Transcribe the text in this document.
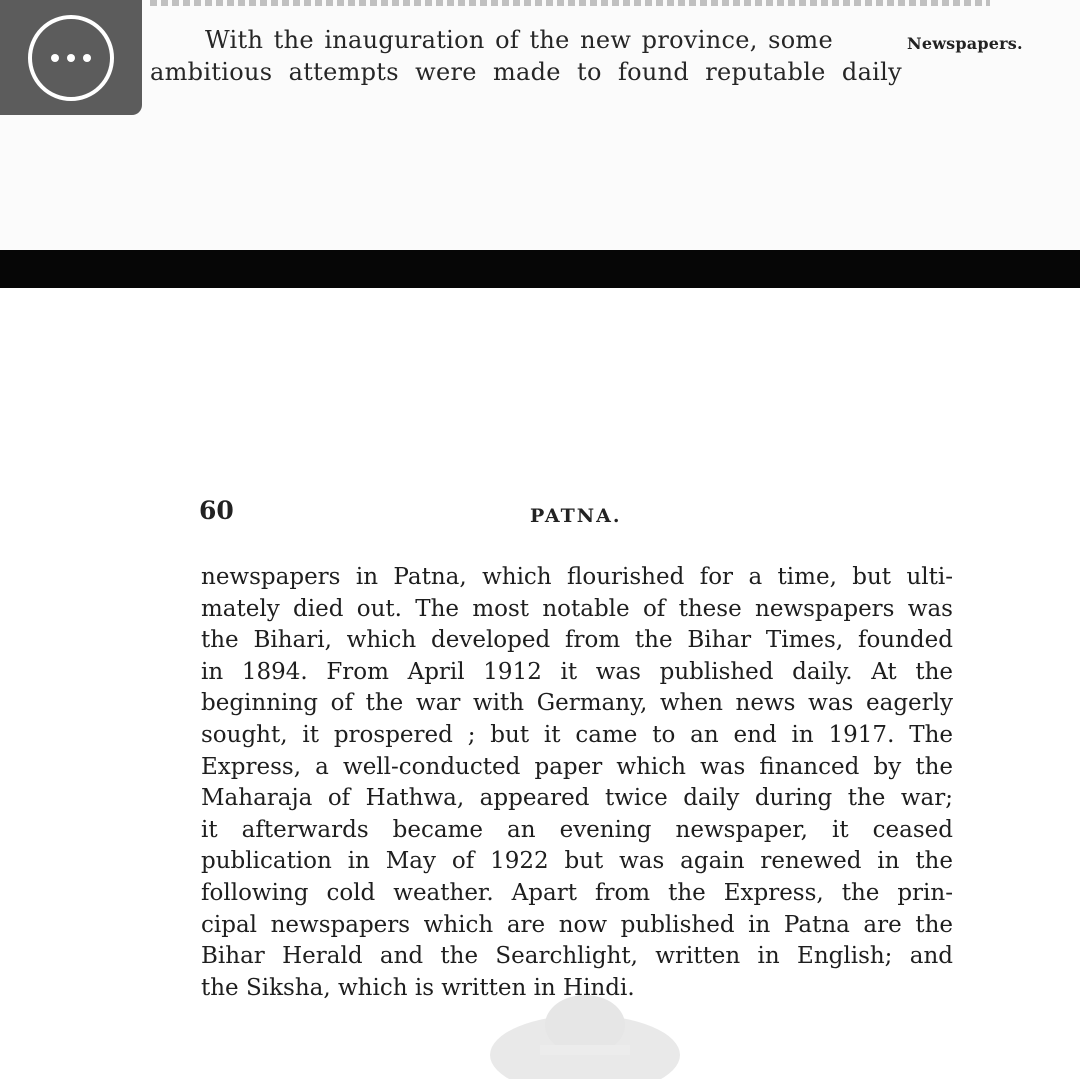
With the inauguration of the new province, some	Newspapers.
ambitious attempts were made to found reputable daily
60	PATNA.
newspapers in Patna, which flourished for a time, but ulti-
mately died out. The most notable of these newspapers was
the Bihari, which developed from the Bihar Times, founded
in 1894. From April 1912 it was published daily. At the
beginning of the war with Germany, when news was eagerly
sought, it prospered ; but it came to an end in 1917. The
Express, a well-conducted paper which was financed by the
Maharaja of Hathwa, appeared twice daily during the war;
it afterwards became an evening newspaper, it ceased
publication in May of 1922 but was again renewed in the
following cold weather. Apart from the Express, the prin-
cipal newspapers which are now published in Patna are the
Bihar Herald and the Searchlight, written in English; and
the Siksha, which is written in Hindi.
